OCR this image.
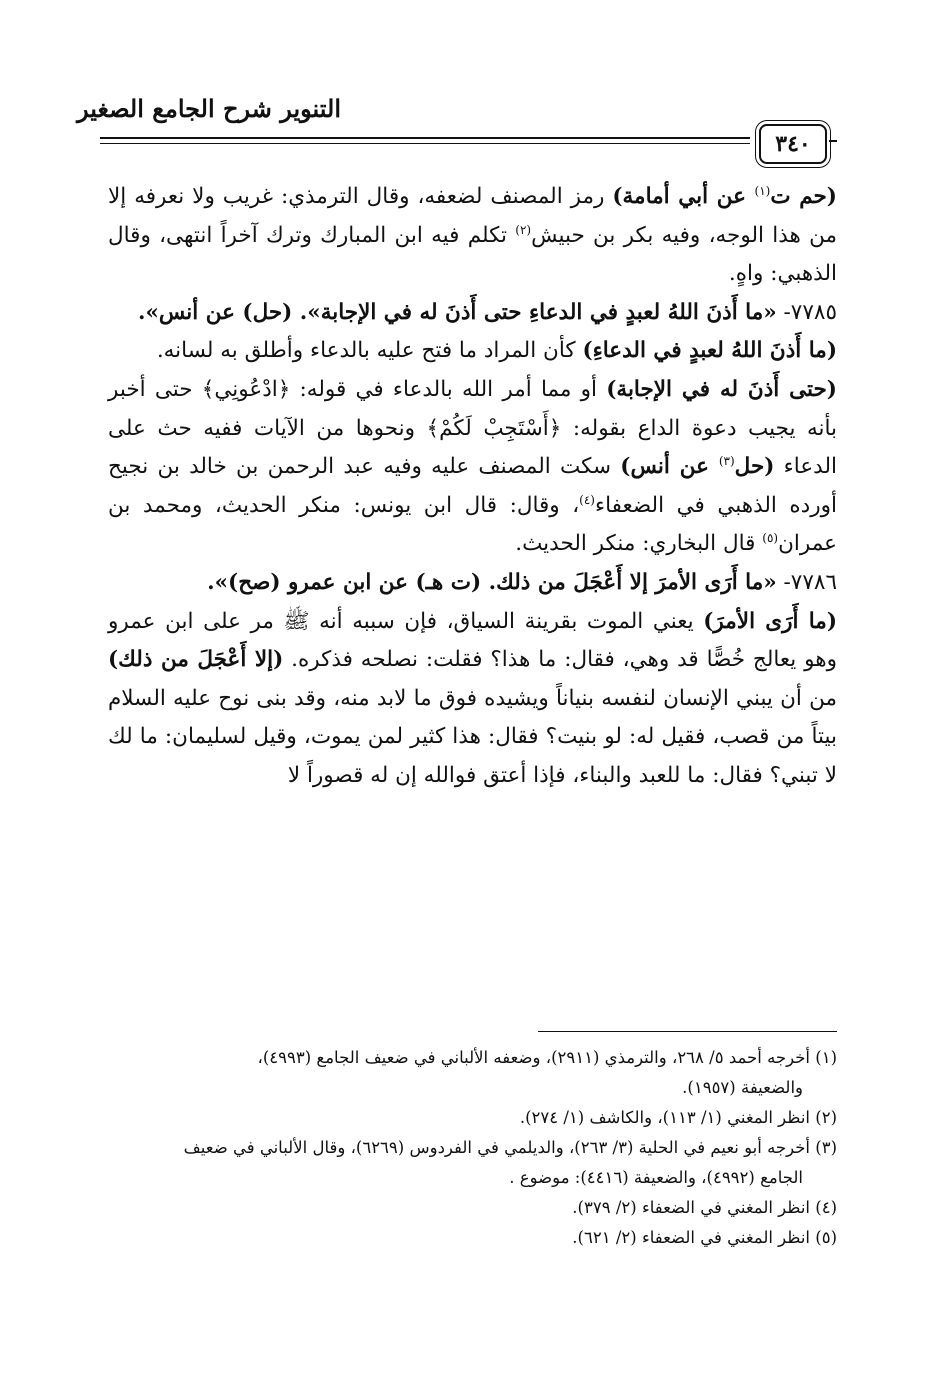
التنوير شرح الجامع الصغير
٣٤٠

(حم ت$^{(١)}$ عن أبي أمامة) رمز المصنف لضعفه، وقال الترمذي: غريب ولا نعرفه إلا من هذا الوجه، وفيه بكر بن حبيش$^{(٢)}$ تكلم فيه ابن المبارك وترك آخراً انتهى، وقال الذهبي: واهٍ.

٧٧٨٥- «ما أَذنَ اللهُ لعبدٍ في الدعاءِ حتى أَذنَ له في الإجابة». (حل) عن أنس».

(ما أَذنَ اللهُ لعبدٍ في الدعاءِ) كأن المراد ما فتح عليه بالدعاء وأطلق به لسانه.

(حتى أَذنَ له في الإجابة) أو مما أمر الله بالدعاء في قوله: ﴿ادْعُونِي﴾ حتى أخبر بأنه يجيب دعوة الداع بقوله: ﴿أَسْتَجِبْ لَكُمْ﴾ ونحوها من الآيات ففيه حث على الدعاء (حل$^{(٣)}$ عن أنس) سكت المصنف عليه وفيه عبد الرحمن بن خالد بن نجيح أورده الذهبي في الضعفاء$^{(٤)}$، وقال: قال ابن يونس: منكر الحديث، ومحمد بن عمران$^{(٥)}$ قال البخاري: منكر الحديث.

٧٧٨٦- «ما أَرَى الأمرَ إلا أَعْجَلَ من ذلك. (ت هـ) عن ابن عمرو (صح)».

(ما أَرَى الأمرَ) يعني الموت بقرينة السياق، فإن سببه أنه ﷺ مر على ابن عمرو وهو يعالج خُصًّا قد وهي، فقال: ما هذا؟ فقلت: نصلحه فذكره. (إلا أَعْجَلَ من ذلك) من أن يبني الإنسان لنفسه بنياناً ويشيده فوق ما لابد منه، وقد بنى نوح عليه السلام بيتاً من قصب، فقيل له: لو بنيت؟ فقال: هذا كثير لمن يموت، وقيل لسليمان: ما لك لا تبني؟ فقال: ما للعبد والبناء، فإذا أعتق فوالله إن له قصوراً لا

(١) أخرجه أحمد ٥/ ٢٦٨، والترمذي (٢٩١١)، وضعفه الألباني في ضعيف الجامع (٤٩٩٣)،

والضعيفة (١٩٥٧).

(٢) انظر المغني (١/ ١١٣)، والكاشف (١/ ٢٧٤).

(٣) أخرجه أبو نعيم في الحلية (٣/ ٢٦٣)، والديلمي في الفردوس (٦٢٦٩)، وقال الألباني في ضعيف

الجامع (٤٩٩٢)، والضعيفة (٤٤١٦): موضوع .

(٤) انظر المغني في الضعفاء (٢/ ٣٧٩).

(٥) انظر المغني في الضعفاء (٢/ ٦٢١).
